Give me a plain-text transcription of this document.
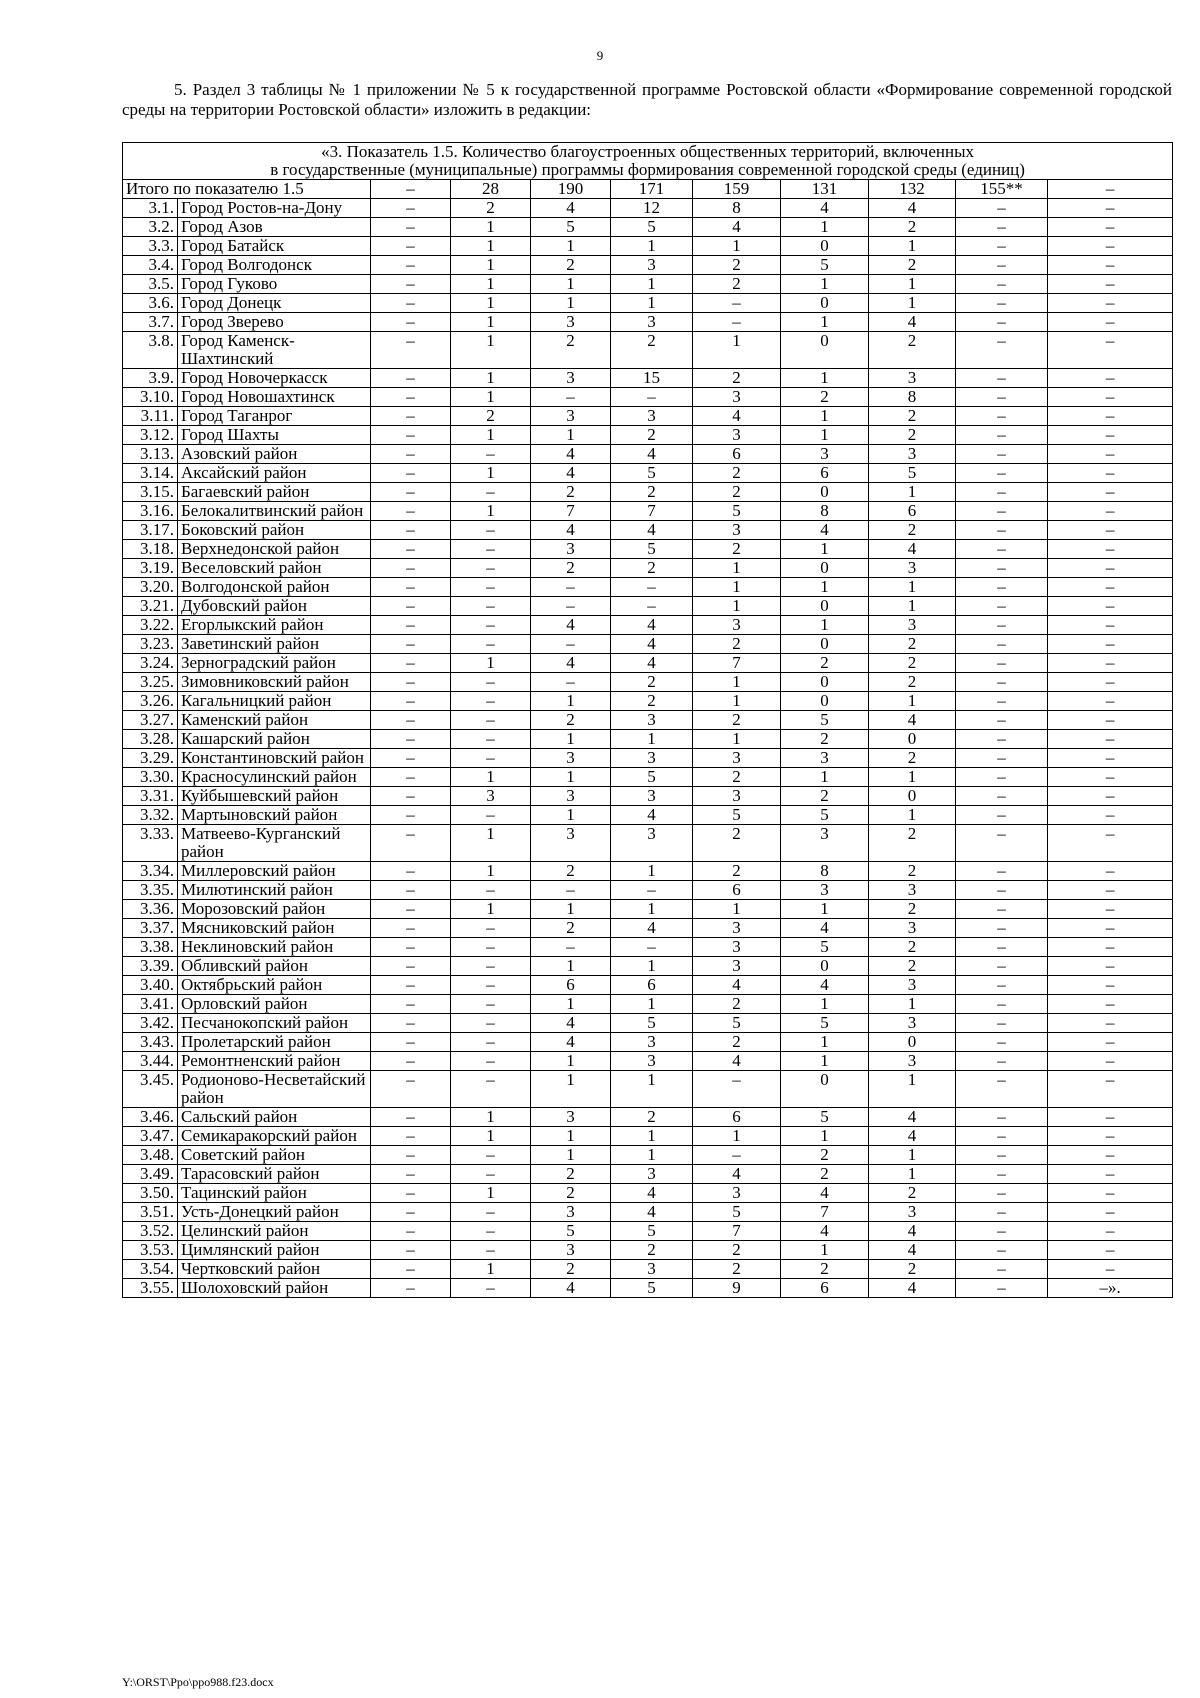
9
5. Раздел 3 таблицы № 1 приложении № 5 к государственной программе Ростовской области «Формирование современной городской среды на территории Ростовской области» изложить в редакции:
«3. Показатель 1.5. Количество благоустроенных общественных территорий, включенных
в государственные (муниципальные) программы формирования современной городской среды (единиц)										

Итого по показателю 1.5		–	28	190	171	159	131	132	155**	–
3.1.	Город Ростов-на-Дону	–	2	4	12	8	4	4	–	–
3.2.	Город Азов	–	1	5	5	4	1	2	–	–
3.3.	Город Батайск	–	1	1	1	1	0	1	–	–
3.4.	Город Волгодонск	–	1	2	3	2	5	2	–	–
3.5.	Город Гуково	–	1	1	1	2	1	1	–	–
3.6.	Город Донецк	–	1	1	1	–	0	1	–	–
3.7.	Город Зверево	–	1	3	3	–	1	4	–	–
3.8.	Город Каменск-Шахтинский	–	1	2	2	1	0	2	–	–
3.9.	Город Новочеркасск	–	1	3	15	2	1	3	–	–
3.10.	Город Новошахтинск	–	1	–	–	3	2	8	–	–
3.11.	Город Таганрог	–	2	3	3	4	1	2	–	–
3.12.	Город Шахты	–	1	1	2	3	1	2	–	–
3.13.	Азовский район	–	–	4	4	6	3	3	–	–
3.14.	Аксайский район	–	1	4	5	2	6	5	–	–
3.15.	Багаевский район	–	–	2	2	2	0	1	–	–
3.16.	Белокалитвинский район	–	1	7	7	5	8	6	–	–
3.17.	Боковский район	–	–	4	4	3	4	2	–	–
3.18.	Верхнедонской район	–	–	3	5	2	1	4	–	–
3.19.	Веселовский район	–	–	2	2	1	0	3	–	–
3.20.	Волгодонской район	–	–	–	–	1	1	1	–	–
3.21.	Дубовский район	–	–	–	–	1	0	1	–	–
3.22.	Егорлыкский район	–	–	4	4	3	1	3	–	–
3.23.	Заветинский район	–	–	–	4	2	0	2	–	–
3.24.	Зерноградский район	–	1	4	4	7	2	2	–	–
3.25.	Зимовниковский район	–	–	–	2	1	0	2	–	–
3.26.	Кагальницкий район	–	–	1	2	1	0	1	–	–
3.27.	Каменский район	–	–	2	3	2	5	4	–	–
3.28.	Кашарский район	–	–	1	1	1	2	0	–	–
3.29.	Константиновский район	–	–	3	3	3	3	2	–	–
3.30.	Красносулинский район	–	1	1	5	2	1	1	–	–
3.31.	Куйбышевский район	–	3	3	3	3	2	0	–	–
3.32.	Мартыновский район	–	–	1	4	5	5	1	–	–
3.33.	Матвеево-Курганский район	–	1	3	3	2	3	2	–	–
3.34.	Миллеровский район	–	1	2	1	2	8	2	–	–
3.35.	Милютинский район	–	–	–	–	6	3	3	–	–
3.36.	Морозовский район	–	1	1	1	1	1	2	–	–
3.37.	Мясниковский район	–	–	2	4	3	4	3	–	–
3.38.	Неклиновский район	–	–	–	–	3	5	2	–	–
3.39.	Обливский район	–	–	1	1	3	0	2	–	–
3.40.	Октябрьский район	–	–	6	6	4	4	3	–	–
3.41.	Орловский район	–	–	1	1	2	1	1	–	–
3.42.	Песчанокопский район	–	–	4	5	5	5	3	–	–
3.43.	Пролетарский район	–	–	4	3	2	1	0	–	–
3.44.	Ремонтненский район	–	–	1	3	4	1	3	–	–
3.45.	Родионово-Несветайский район	–	–	1	1	–	0	1	–	–
3.46.	Сальский район	–	1	3	2	6	5	4	–	–
3.47.	Семикаракорский район	–	1	1	1	1	1	4	–	–
3.48.	Советский район	–	–	1	1	–	2	1	–	–
3.49.	Тарасовский район	–	–	2	3	4	2	1	–	–
3.50.	Тацинский район	–	1	2	4	3	4	2	–	–
3.51.	Усть-Донецкий район	–	–	3	4	5	7	3	–	–
3.52.	Целинский район	–	–	5	5	7	4	4	–	–
3.53.	Цимлянский район	–	–	3	2	2	1	4	–	–
3.54.	Чертковский район	–	1	2	3	2	2	2	–	–
3.55.	Шолоховский район	–	–	4	5	9	6	4	–	–».
Y:\ORST\Ppo\ppo988.f23.docx
